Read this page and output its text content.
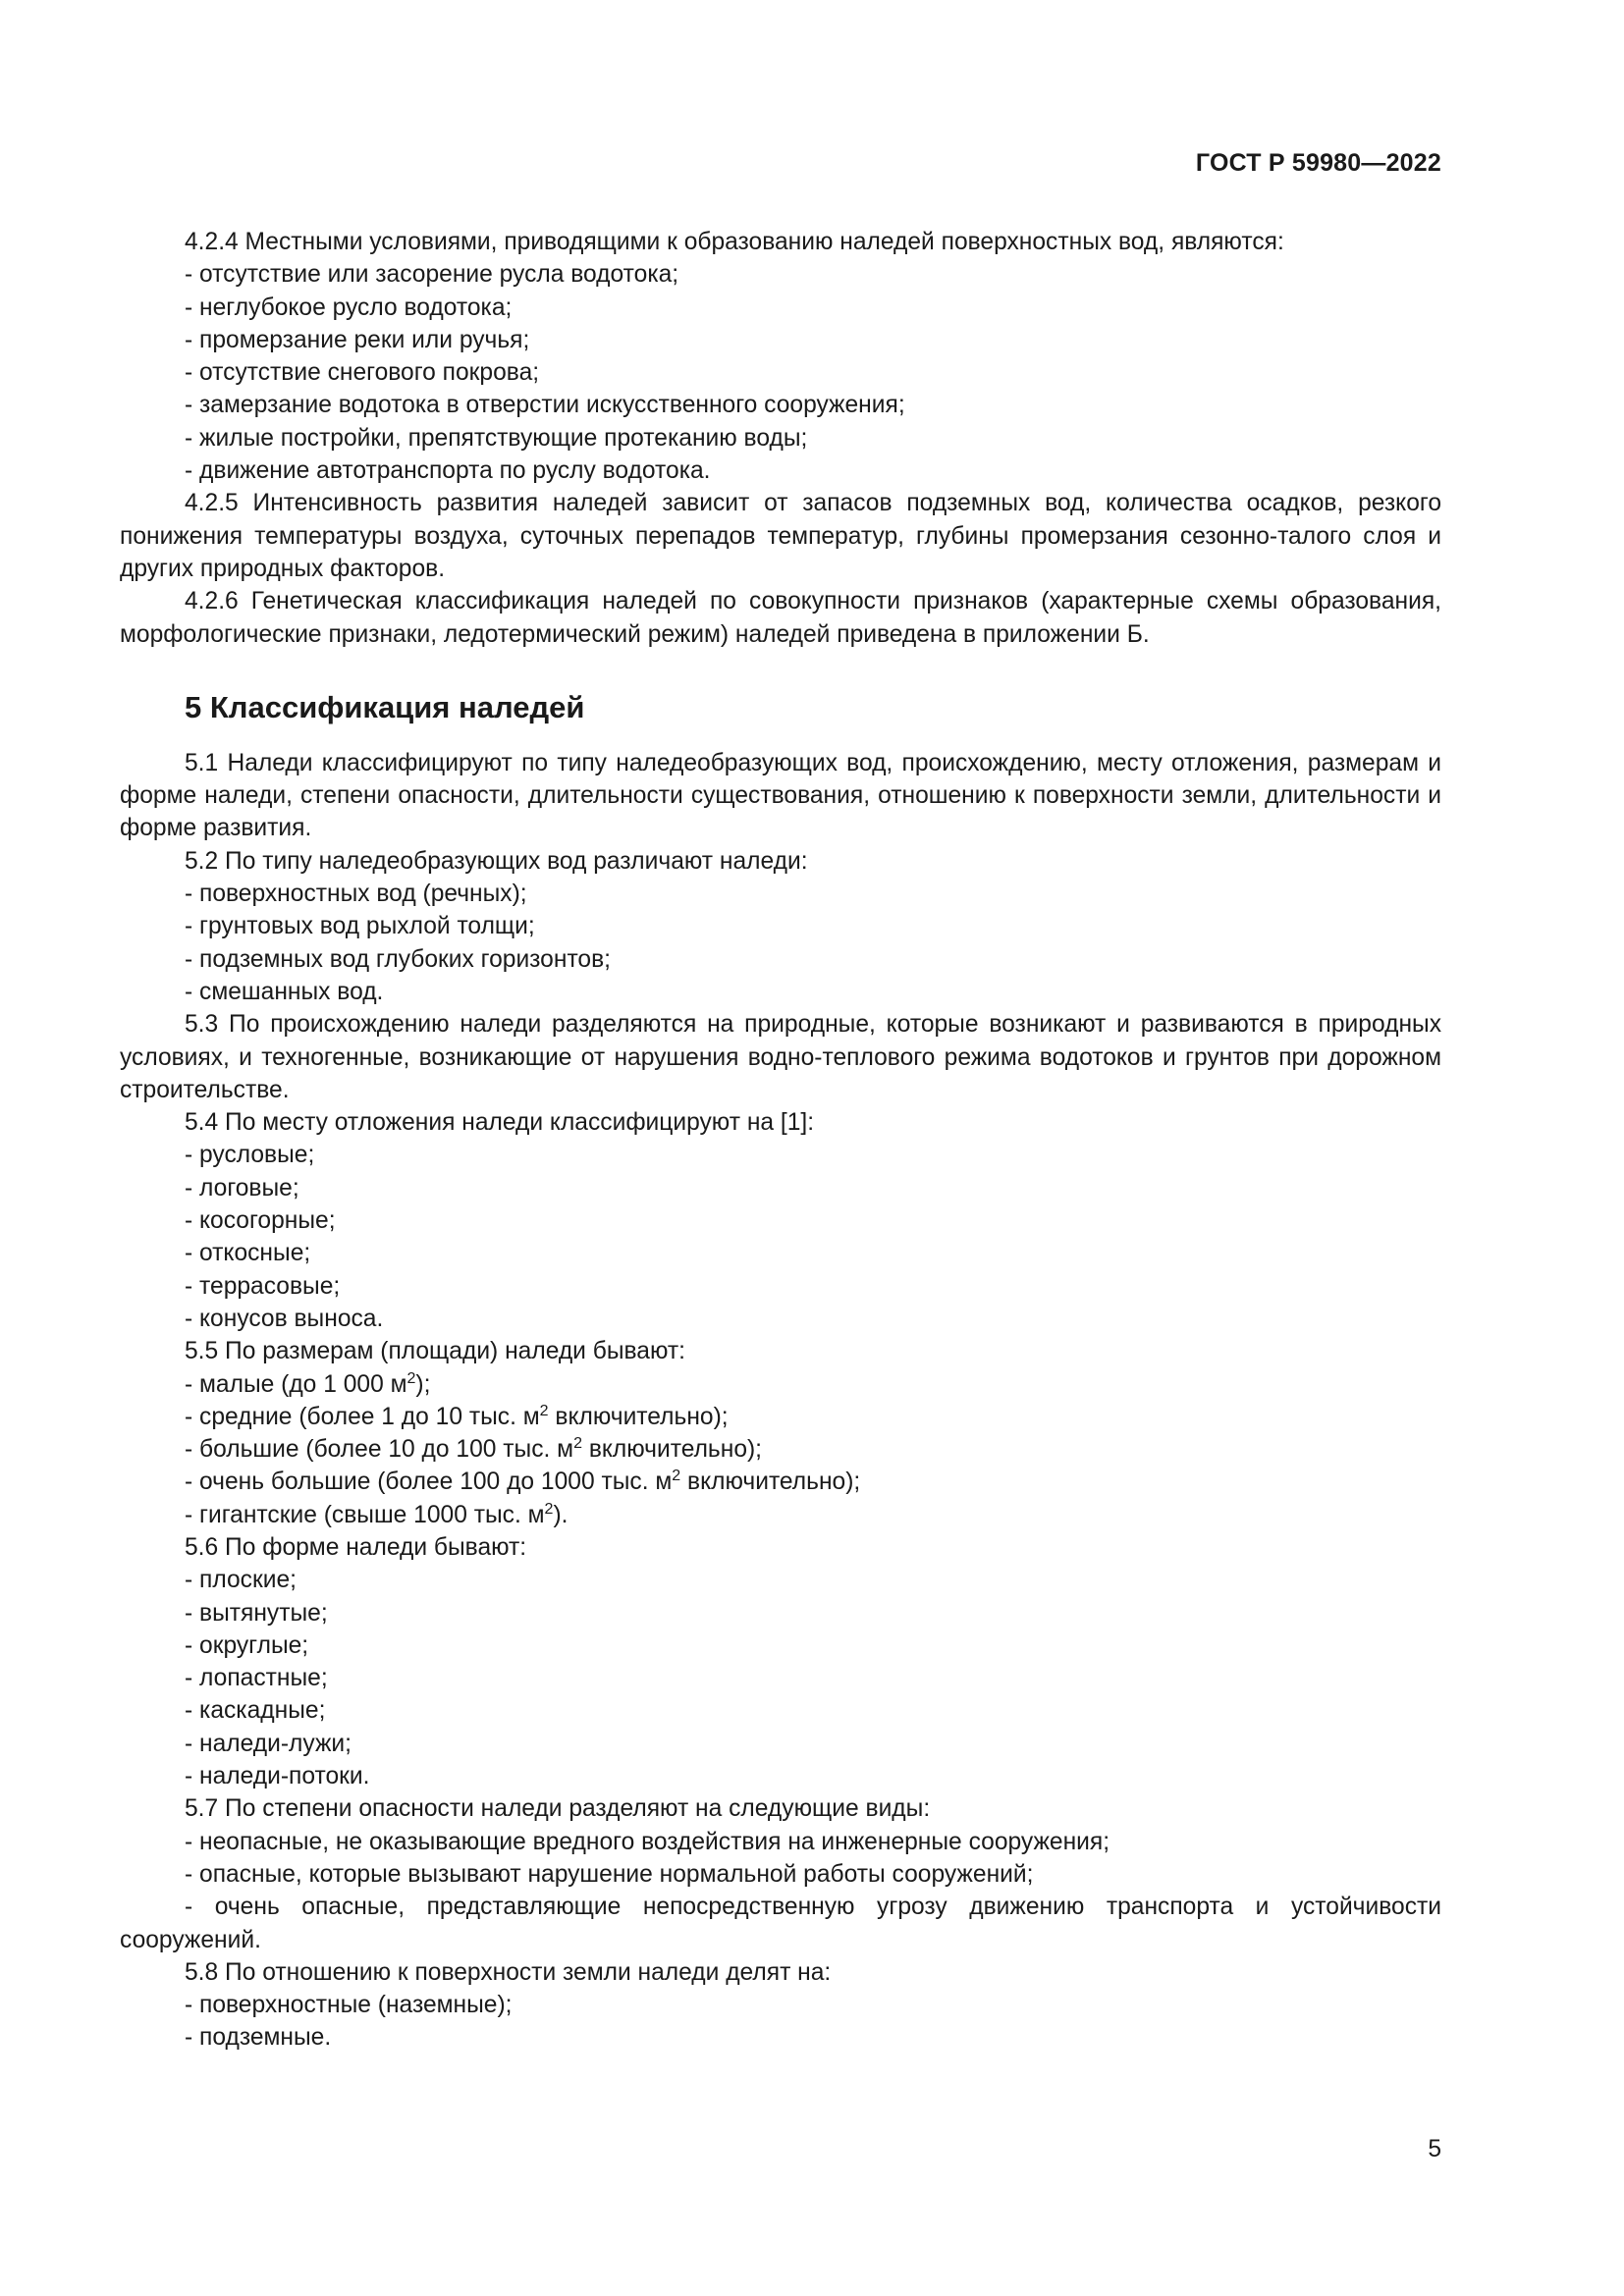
ГОСТ Р 59980—2022

4.2.4 Местными условиями, приводящими к образованию наледей поверхностных вод, являются:

- отсутствие или засорение русла водотока;

- неглубокое русло водотока;

- промерзание реки или ручья;

- отсутствие снегового покрова;

- замерзание водотока в отверстии искусственного сооружения;

- жилые постройки, препятствующие протеканию воды;

- движение автотранспорта по руслу водотока.

4.2.5 Интенсивность развития наледей зависит от запасов подземных вод, количества осадков, резкого понижения температуры воздуха, суточных перепадов температур, глубины промерзания сезонно-талого слоя и других природных факторов.

4.2.6 Генетическая классификация наледей по совокупности признаков (характерные схемы образования, морфологические признаки, ледотермический режим) наледей приведена в приложении Б.

5 Классификация наледей

5.1 Наледи классифицируют по типу наледеобразующих вод, происхождению, месту отложения, размерам и форме наледи, степени опасности, длительности существования, отношению к поверхности земли, длительности и форме развития.

5.2 По типу наледеобразующих вод различают наледи:

- поверхностных вод (речных);

- грунтовых вод рыхлой толщи;

- подземных вод глубоких горизонтов;

- смешанных вод.

5.3 По происхождению наледи разделяются на природные, которые возникают и развиваются в природных условиях, и техногенные, возникающие от нарушения водно-теплового режима водотоков и грунтов при дорожном строительстве.

5.4 По месту отложения наледи классифицируют на [1]:

- русловые;

- логовые;

- косогорные;

- откосные;

- террасовые;

- конусов выноса.

5.5 По размерам (площади) наледи бывают:

- малые (до 1 000 $м^2$);

- средние (более 1 до 10 тыс. $м^2$ включительно);

- большие (более 10 до 100 тыс. $м^2$ включительно);

- очень большие (более 100 до 1000 тыс. $м^2$ включительно);

- гигантские (свыше 1000 тыс. $м^2$).

5.6 По форме наледи бывают:

- плоские;

- вытянутые;

- округлые;

- лопастные;

- каскадные;

- наледи-лужи;

- наледи-потоки.

5.7 По степени опасности наледи разделяют на следующие виды:

- неопасные, не оказывающие вредного воздействия на инженерные сооружения;

- опасные, которые вызывают нарушение нормальной работы сооружений;

- очень опасные, представляющие непосредственную угрозу движению транспорта и устойчивости сооружений.

5.8 По отношению к поверхности земли наледи делят на:

- поверхностные (наземные);

- подземные.

5
